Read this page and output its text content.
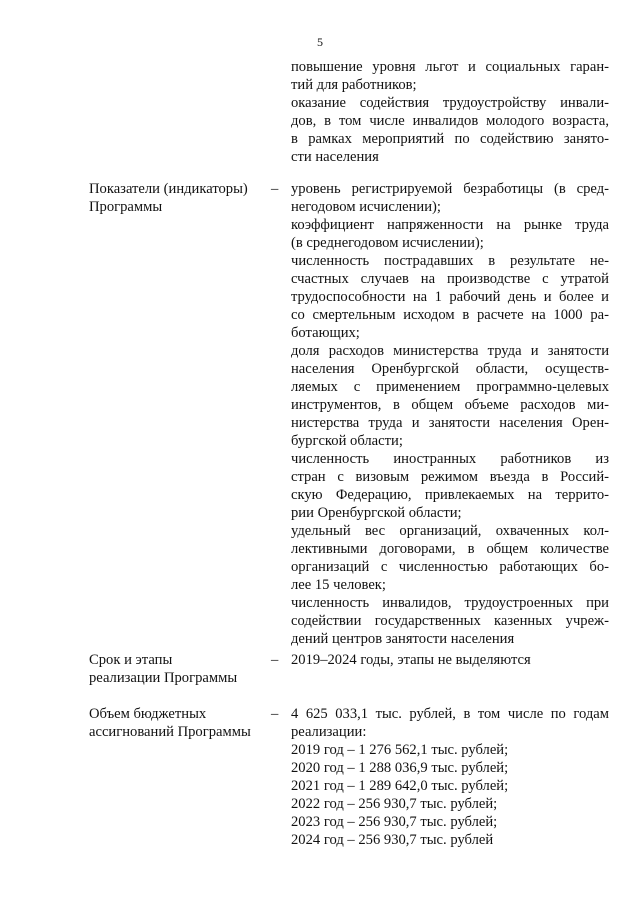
5
повышение уровня льгот и социальных гаран-
тий для работников;
оказание содействия трудоустройству инвали-
дов, в том числе инвалидов молодого возраста,
в рамках мероприятий по содействию занято-
сти населения
Показатели (индикаторы)
Программы
– уровень регистрируемой безработицы (в сред-
негодовом исчислении);
коэффициент напряженности на рынке труда
(в среднегодовом исчислении);
численность пострадавших в результате не-
счастных случаев на производстве с утратой
трудоспособности на 1 рабочий день и более и
со смертельным исходом в расчете на 1000 ра-
ботающих;
доля расходов министерства труда и занятости
населения Оренбургской области, осуществ-
ляемых с применением программно-целевых
инструментов, в общем объеме расходов ми-
нистерства труда и занятости населения Орен-
бургской области;
численность иностранных работников из
стран с визовым режимом въезда в Россий-
скую Федерацию, привлекаемых на террито-
рии Оренбургской области;
удельный вес организаций, охваченных кол-
лективными договорами, в общем количестве
организаций с численностью работающих бо-
лее 15 человек;
численность инвалидов, трудоустроенных при
содействии государственных казенных учреж-
дений центров занятости населения
Срок и этапы
реализации Программы
– 2019–2024 годы, этапы не выделяются
Объем бюджетных
ассигнований Программы
– 4 625 033,1 тыс. рублей, в том числе по годам
реализации:
2019 год – 1 276 562,1 тыс. рублей;
2020 год – 1 288 036,9 тыс. рублей;
2021 год – 1 289 642,0 тыс. рублей;
2022 год – 256 930,7 тыс. рублей;
2023 год – 256 930,7 тыс. рублей;
2024 год – 256 930,7 тыс. рублей
